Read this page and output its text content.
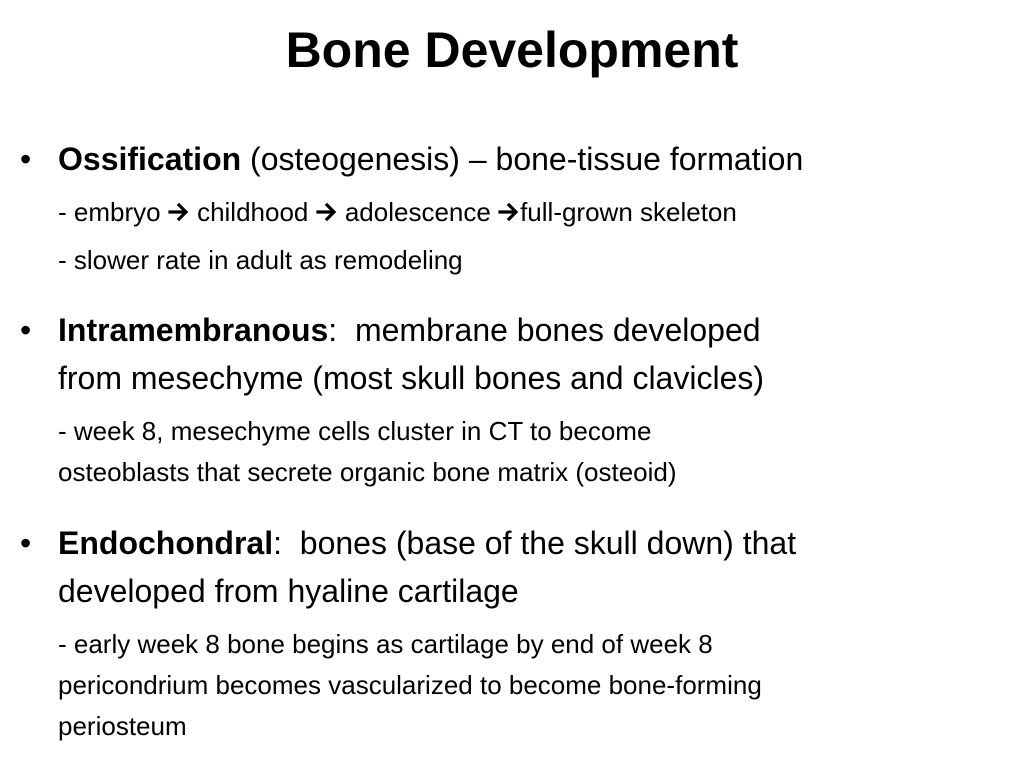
Bone Development
• Ossification (osteogenesis) – bone-tissue formation
- embryo childhood adolescence full-grown skeleton
- slower rate in adult as remodeling
• Intramembranous:  membrane bones developed
from mesechyme (most skull bones and clavicles)
- week 8, mesechyme cells cluster in CT to become
osteoblasts that secrete organic bone matrix (osteoid)
• Endochondral:  bones (base of the skull down) that
developed from hyaline cartilage
- early week 8 bone begins as cartilage by end of week 8
pericondrium becomes vascularized to become bone-forming
periosteum
